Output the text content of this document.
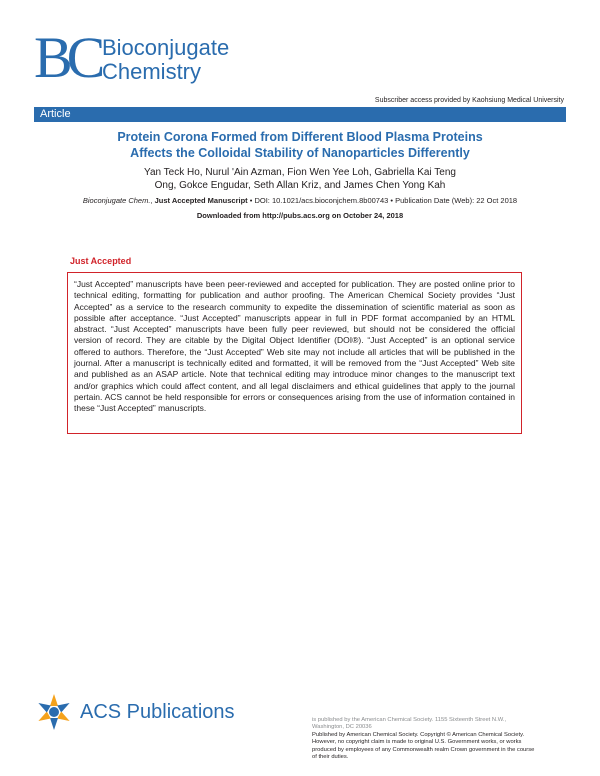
BC Bioconjugate
Chemistry
Subscriber access provided by Kaohsiung Medical University
Article
Protein Corona Formed from Different Blood Plasma Proteins
Affects the Colloidal Stability of Nanoparticles Differently
Yan Teck Ho, Nurul 'Ain Azman, Fion Wen Yee Loh, Gabriella Kai Teng
Ong, Gokce Engudar, Seth Allan Kriz, and James Chen Yong Kah
Bioconjugate Chem., Just Accepted Manuscript • DOI: 10.1021/acs.bioconjchem.8b00743 • Publication Date (Web): 22 Oct 2018
Downloaded from http://pubs.acs.org on October 24, 2018
Just Accepted

“Just Accepted” manuscripts have been peer-reviewed and accepted for publication. They are posted online prior to technical editing, formatting for publication and author proofing. The American Chemical Society provides “Just Accepted” as a service to the research community to expedite the dissemination of scientific material as soon as possible after acceptance. “Just Accepted” manuscripts appear in full in PDF format accompanied by an HTML abstract. “Just Accepted” manuscripts have been fully peer reviewed, but should not be considered the official version of record. They are citable by the Digital Object Identifier (DOI®). “Just Accepted” is an optional service offered to authors. Therefore, the “Just Accepted” Web site may not include all articles that will be published in the journal. After a manuscript is technically edited and formatted, it will be removed from the “Just Accepted” Web site and published as an ASAP article. Note that technical editing may introduce minor changes to the manuscript text and/or graphics which could affect content, and all legal disclaimers and ethical guidelines that apply to the journal pertain. ACS cannot be held responsible for errors or consequences arising from the use of information contained in these “Just Accepted” manuscripts.

ACS Publications	is published by the American Chemical Society. 1155 Sixteenth Street N.W.,
Washington, DC 20036
Published by American Chemical Society. Copyright © American Chemical Society.
However, no copyright claim is made to original U.S. Government works, or works
produced by employees of any Commonwealth realm Crown government in the course
of their duties.
